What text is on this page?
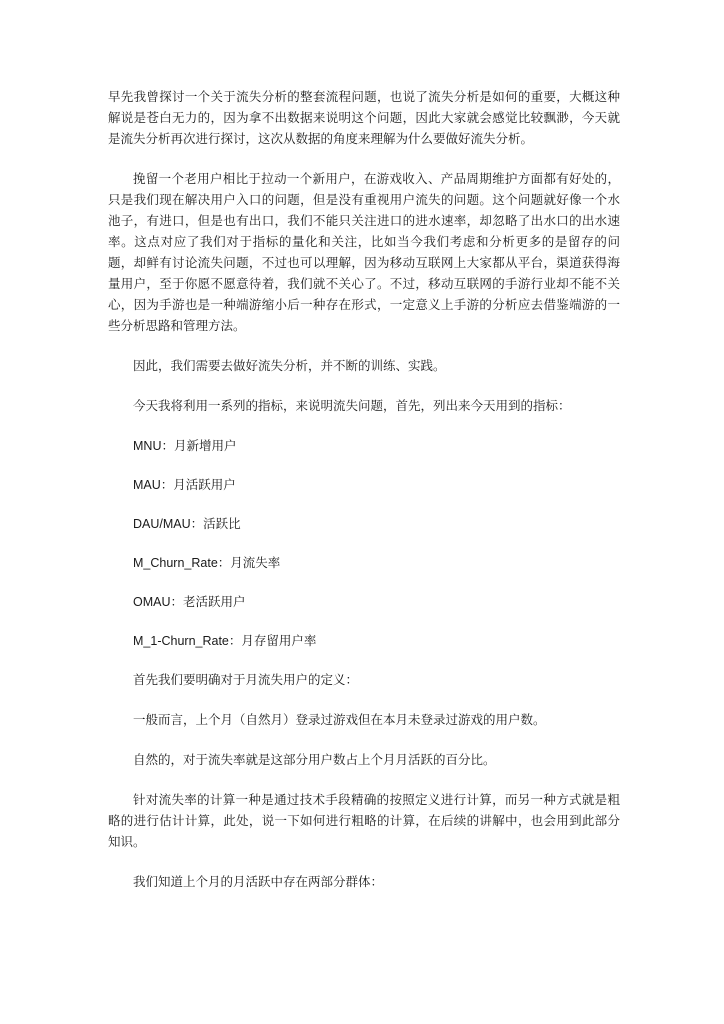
早先我曾探讨一个关于流失分析的整套流程问题，也说了流失分析是如何的重要，大概这种解说是苍白无力的，因为拿不出数据来说明这个问题，因此大家就会感觉比较飘渺，今天就是流失分析再次进行探讨，这次从数据的角度来理解为什么要做好流失分析。

挽留一个老用户相比于拉动一个新用户，在游戏收入、产品周期维护方面都有好处的，只是我们现在解决用户入口的问题，但是没有重视用户流失的问题。这个问题就好像一个水池子，有进口，但是也有出口，我们不能只关注进口的进水速率，却忽略了出水口的出水速率。这点对应了我们对于指标的量化和关注，比如当今我们考虑和分析更多的是留存的问题，却鲜有讨论流失问题，不过也可以理解，因为移动互联网上大家都从平台，渠道获得海量用户，至于你愿不愿意待着，我们就不关心了。不过，移动互联网的手游行业却不能不关心，因为手游也是一种端游缩小后一种存在形式，一定意义上手游的分析应去借鉴端游的一些分析思路和管理方法。

因此，我们需要去做好流失分析，并不断的训练、实践。

今天我将利用一系列的指标，来说明流失问题，首先，列出来今天用到的指标：

MNU：月新增用户
MAU：月活跃用户
DAU/MAU：活跃比
M_Churn_Rate：月流失率
OMAU：老活跃用户
M_1-Churn_Rate：月存留用户率

首先我们要明确对于月流失用户的定义：

一般而言，上个月（自然月）登录过游戏但在本月未登录过游戏的用户数。

自然的，对于流失率就是这部分用户数占上个月月活跃的百分比。

针对流失率的计算一种是通过技术手段精确的按照定义进行计算，而另一种方式就是粗略的进行估计计算，此处，说一下如何进行粗略的计算，在后续的讲解中，也会用到此部分知识。

我们知道上个月的月活跃中存在两部分群体：
